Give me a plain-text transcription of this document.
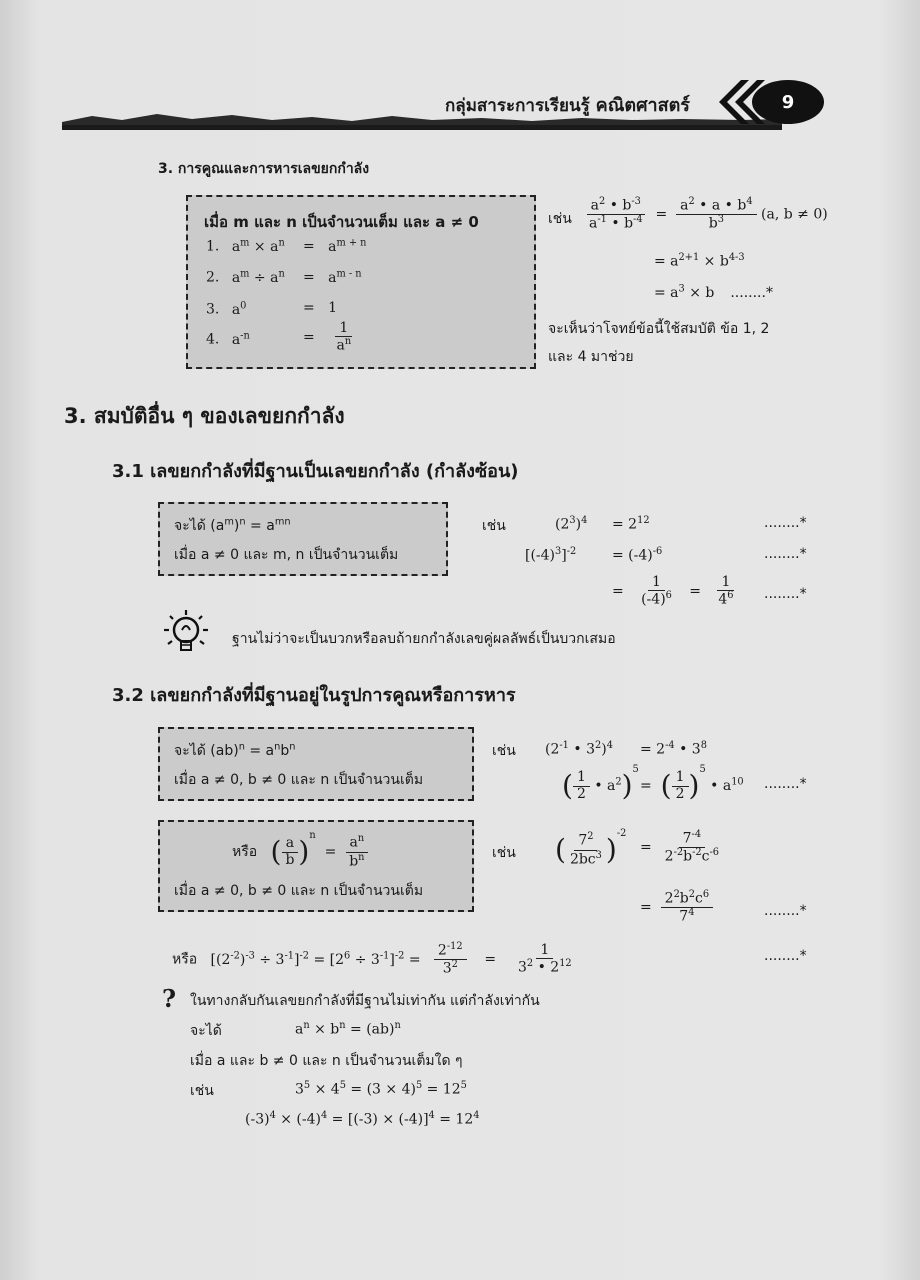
กลุ่มสาระการเรียนรู้ คณิตศาสตร์	9
3. การคูณและการหารเลขยกกำลัง
เมื่อ m และ n เป็นจำนวนเต็ม และ a ≠ 0
1. $a^m \times a^n = a^{m + n}$
2. $a^m \div a^n = a^{m - n}$
3. $a^0$	=   1
4. $a^{-n}$	= $\frac{1}{a^n}$
เช่น $\frac{a^2 • b^{-3}}{a^{-1} • b^{-4}} = \frac{a^2 • a • b^4}{b^3} (a$, b ≠ 0)
= $a^{2+1} \times b^{4-3}$
= $a^3 \times b$ ........*
จะเห็นว่าโจทย์ข้อนี้ใช้สมบัติ ข้อ 1, 2
และ 4 มาช่วย
3. สมบัติอื่น ๆ ของเลขยกกำลัง
3.1 เลขยกกำลังที่มีฐานเป็นเลขยกกำลัง (กำลังซ้อน)
จะได้ $(a^m)^n = a^{mn}$
เมื่อ a ≠ 0 และ m, n เป็นจำนวนเต็ม
เช่น	$(2^3)^4 = 2^{12}$	........*
$[(-4)^3]^{-2}$	= $(-4)^{-6}$	........*
= $\frac{1}{(-4)^6} = \frac{1}{4^6}$ ........*
ฐานไม่ว่าจะเป็นบวกหรือลบถ้ายกกำลังเลขคู่ผลลัพธ์เป็นบวกเสมอ
3.2 เลขยกกำลังที่มีฐานอยู่ในรูปการคูณหรือการหาร
จะได้ $(ab)^n = a^nb^n$
เมื่อ a ≠ 0, b ≠ 0 และ n เป็นจำนวนเต็ม
เช่น ($2^{-1}$ • $3^2)^4 = 2^{-4}$ • $3^8$
( $\frac{1}{2}$ • $a^2)^5$
=  ( $\frac{1}{2} )^5$ • $a^{10}$ ........*
หรือ ( $\frac{a}{b} )^n = \frac{a^n}{b^n}$
เมื่อ a ≠ 0, b ≠ 0 และ n เป็นจำนวนเต็ม
เช่น ( $\frac{7^2}{2bc^3} )^{-2}$
= $\frac{7^{-4}}{2^{-2}b^{-2}c^{-6}}$
= $\frac{2^2b^2c^6}{7^4}$	........*
หรือ $[(2^{-2})^{-3} \div 3^{-1}]^{-2} = [2^6 \div 3^{-1}]^{-2} = \frac{2^{-12}}{3^2} = \frac{1}{3^2 • 2^{12}}$	........*
? ในทางกลับกันเลขยกกำลังที่มีฐานไม่เท่ากัน แต่กำลังเท่ากัน
จะได้	$a^n \times b^n = (ab)^n$
เมื่อ a และ b ≠ 0 และ n เป็นจำนวนเต็มใด ๆ
เช่น	$3^5 \times 4^5 = (3 \times 4)^5 = 12^5$
$(-3)^4 \times (-4)^4 = [(-3) \times (-4)]^4 = 12^4$
